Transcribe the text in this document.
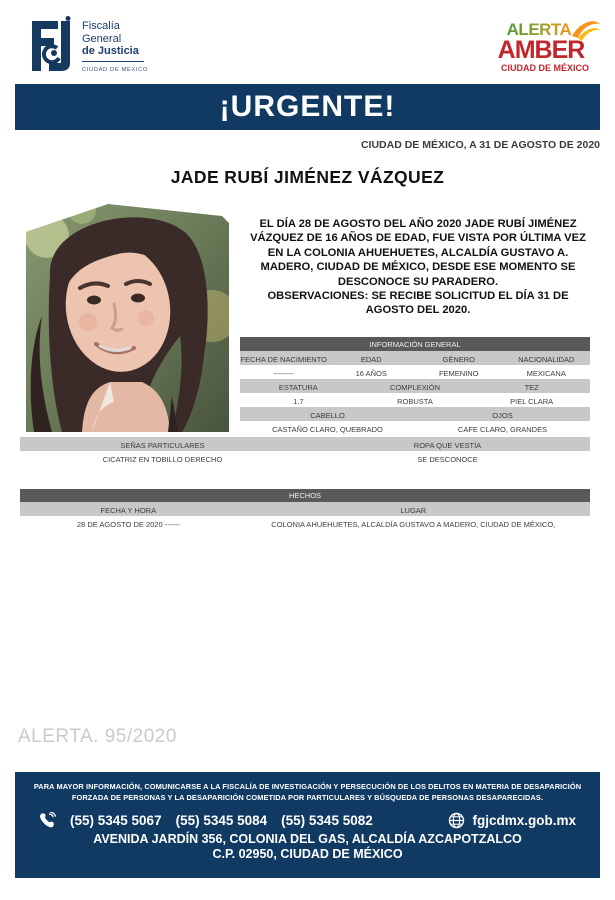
Fiscalía
General
de Justicia
CIUDAD DE MÉXICO
ALERTA
AMBER
CIUDAD DE MÉXICO
¡URGENTE!
CIUDAD DE MÉXICO, A 31 DE AGOSTO DE 2020
JADE RUBÍ JIMÉNEZ VÁZQUEZ
EL DÍA 28 DE AGOSTO DEL AÑO 2020 JADE RUBÍ JIMÉNEZ VÁZQUEZ DE 16 AÑOS DE EDAD, FUE VISTA POR ÚLTIMA VEZ EN LA COLONIA AHUEHUETES, ALCALDÍA GUSTAVO A. MADERO, CIUDAD DE MÉXICO, DESDE ESE MOMENTO SE DESCONOCE SU PARADERO.
OBSERVACIONES: SE RECIBE SOLICITUD EL DÍA 31 DE AGOSTO DEL 2020.
INFORMACIÓN GENERAL
FECHA DE NACIMIENTO	EDAD	GÉNERO	NACIONALIDAD
--------	16 AÑOS	FEMENINO	MEXICANA
ESTATURA	COMPLEXIÓN	TEZ
1.7	ROBUSTA	PIEL CLARA
CABELLO	OJOS
CASTAÑO CLARO, QUEBRADO	CAFE CLARO, GRANDES
SEÑAS PARTICULARES	ROPA QUE VESTÍA
CICATRIZ EN TOBILLO DERECHO	SE DESCONOCE
HECHOS
FECHA Y HORA	LUGAR
28 DE AGOSTO DE 2020 ------	COLONIA AHUEHUETES, ALCALDÍA GUSTAVO A MADERO, CIUDAD DE MÉXICO,
ALERTA. 95/2020
PARA MAYOR INFORMACIÓN, COMUNICARSE A LA FISCALÍA DE INVESTIGACIÓN Y PERSECUCIÓN DE LOS DELITOS EN MATERIA DE DESAPARICIÓN FORZADA DE PERSONAS Y LA DESAPARICIÓN COMETIDA POR PARTICULARES Y BÚSQUEDA DE PERSONAS DESAPARECIDAS.
(55) 5345 5067 (55) 5345 5084 (55) 5345 5082	fgjcdmx.gob.mx
AVENIDA JARDÍN 356, COLONIA DEL GAS, ALCALDÍA AZCAPOTZALCO
C.P. 02950, CIUDAD DE MÉXICO
